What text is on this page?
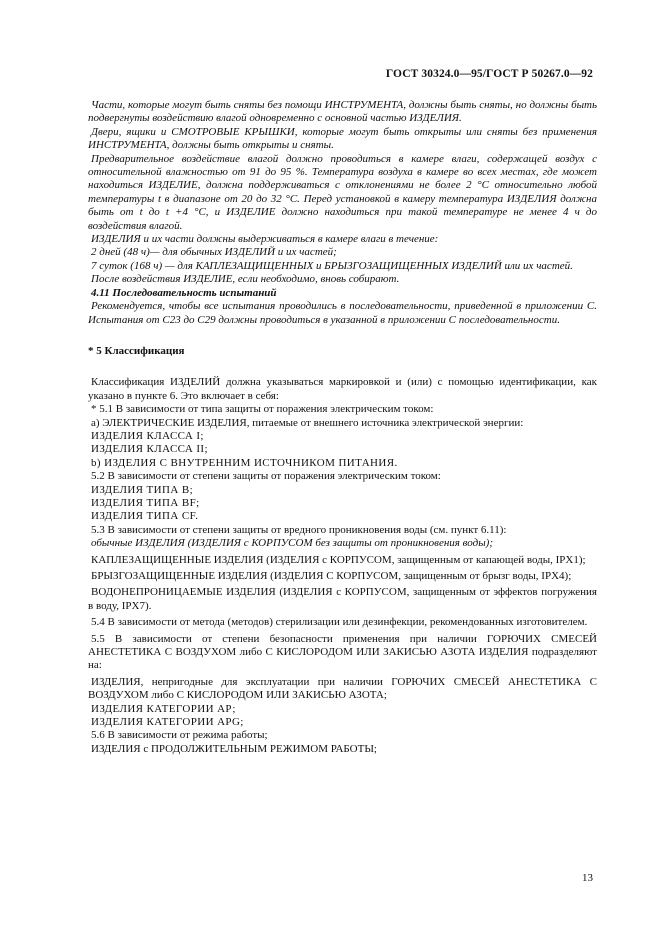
ГОСТ 30324.0—95/ГОСТ Р 50267.0—92

Части, которые могут быть сняты без помощи ИНСТРУМЕНТА, должны быть сняты, но должны быть подвергнуты воздействию влагой одновременно с основной частью ИЗДЕЛИЯ.

Двери, ящики и СМОТРОВЫЕ КРЫШКИ, которые могут быть открыты или сняты без применения ИНСТРУМЕНТА, должны быть открыты и сняты.

Предварительное воздействие влагой должно проводиться в камере влаги, содержащей воздух с относительной влажностью от 91 до 95 %. Температура воздуха в камере во всех местах, где может находиться ИЗДЕЛИЕ, должна поддерживаться с отклонениями не более 2 °С относительно любой температуры t в диапазоне от 20 до 32 °С. Перед установкой в камеру температура ИЗДЕЛИЯ должна быть от t до t +4 °С, и ИЗДЕЛИЕ должно находиться при такой температуре не менее 4 ч до воздействия влагой.

ИЗДЕЛИЯ и их части должны выдерживаться в камере влаги в течение:

2 дней (48 ч)— для обычных ИЗДЕЛИЙ и их частей;

7 суток (168 ч) — для КАПЛЕЗАЩИЩЕННЫХ и БРЫЗГОЗАЩИЩЕННЫХ ИЗДЕЛИЙ или их частей.

После воздействия ИЗДЕЛИЕ, если необходимо, вновь собирают.

4.11 Последовательность испытаний

Рекомендуется, чтобы все испытания проводились в последовательности, приведенной в приложении С. Испытания от С23 до С29 должны проводиться в указанной в приложении С последовательности.

* 5 Классификация

Классификация ИЗДЕЛИЙ должна указываться маркировкой и (или) с помощью идентификации, как указано в пункте 6. Это включает в себя:

* 5.1 В зависимости от типа защиты от поражения электрическим током:

а) ЭЛЕКТРИЧЕСКИЕ ИЗДЕЛИЯ, питаемые от внешнего источника электрической энергии:

ИЗДЕЛИЯ КЛАССА I;

ИЗДЕЛИЯ КЛАССА II;

b) ИЗДЕЛИЯ С ВНУТРЕННИМ ИСТОЧНИКОМ ПИТАНИЯ.

5.2 В зависимости от степени защиты от поражения электрическим током:

ИЗДЕЛИЯ ТИПА В;

ИЗДЕЛИЯ ТИПА BF;

ИЗДЕЛИЯ ТИПА CF.

5.3 В зависимости от степени защиты от вредного проникновения воды (см. пункт 6.11):

обычные ИЗДЕЛИЯ (ИЗДЕЛИЯ с КОРПУСОМ без защиты от проникновения воды);

КАПЛЕЗАЩИЩЕННЫЕ ИЗДЕЛИЯ (ИЗДЕЛИЯ с КОРПУСОМ, защищенным от капающей воды, IPX1);

БРЫЗГОЗАЩИЩЕННЫЕ ИЗДЕЛИЯ (ИЗДЕЛИЯ С КОРПУСОМ, защищенным от брызг воды, IPX4);

ВОДОНЕПРОНИЦАЕМЫЕ ИЗДЕЛИЯ (ИЗДЕЛИЯ с КОРПУСОМ, защищенным от эффектов погружения в воду, IPX7).

5.4 В зависимости от метода (методов) стерилизации или дезинфекции, рекомендованных изготовителем.

5.5 В зависимости от степени безопасности применения при наличии ГОРЮЧИХ СМЕСЕЙ АНЕСТЕТИКА С ВОЗДУХОМ либо С КИСЛОРОДОМ ИЛИ ЗАКИСЬЮ АЗОТА ИЗДЕЛИЯ подразделяют на:

ИЗДЕЛИЯ, непригодные для эксплуатации при наличии ГОРЮЧИХ СМЕСЕЙ АНЕСТЕТИКА С ВОЗДУХОМ либо С КИСЛОРОДОМ ИЛИ ЗАКИСЬЮ АЗОТА;

ИЗДЕЛИЯ КАТЕГОРИИ АР;

ИЗДЕЛИЯ КАТЕГОРИИ APG;

5.6 В зависимости от режима работы;

ИЗДЕЛИЯ с ПРОДОЛЖИТЕЛЬНЫМ РЕЖИМОМ РАБОТЫ;

13
